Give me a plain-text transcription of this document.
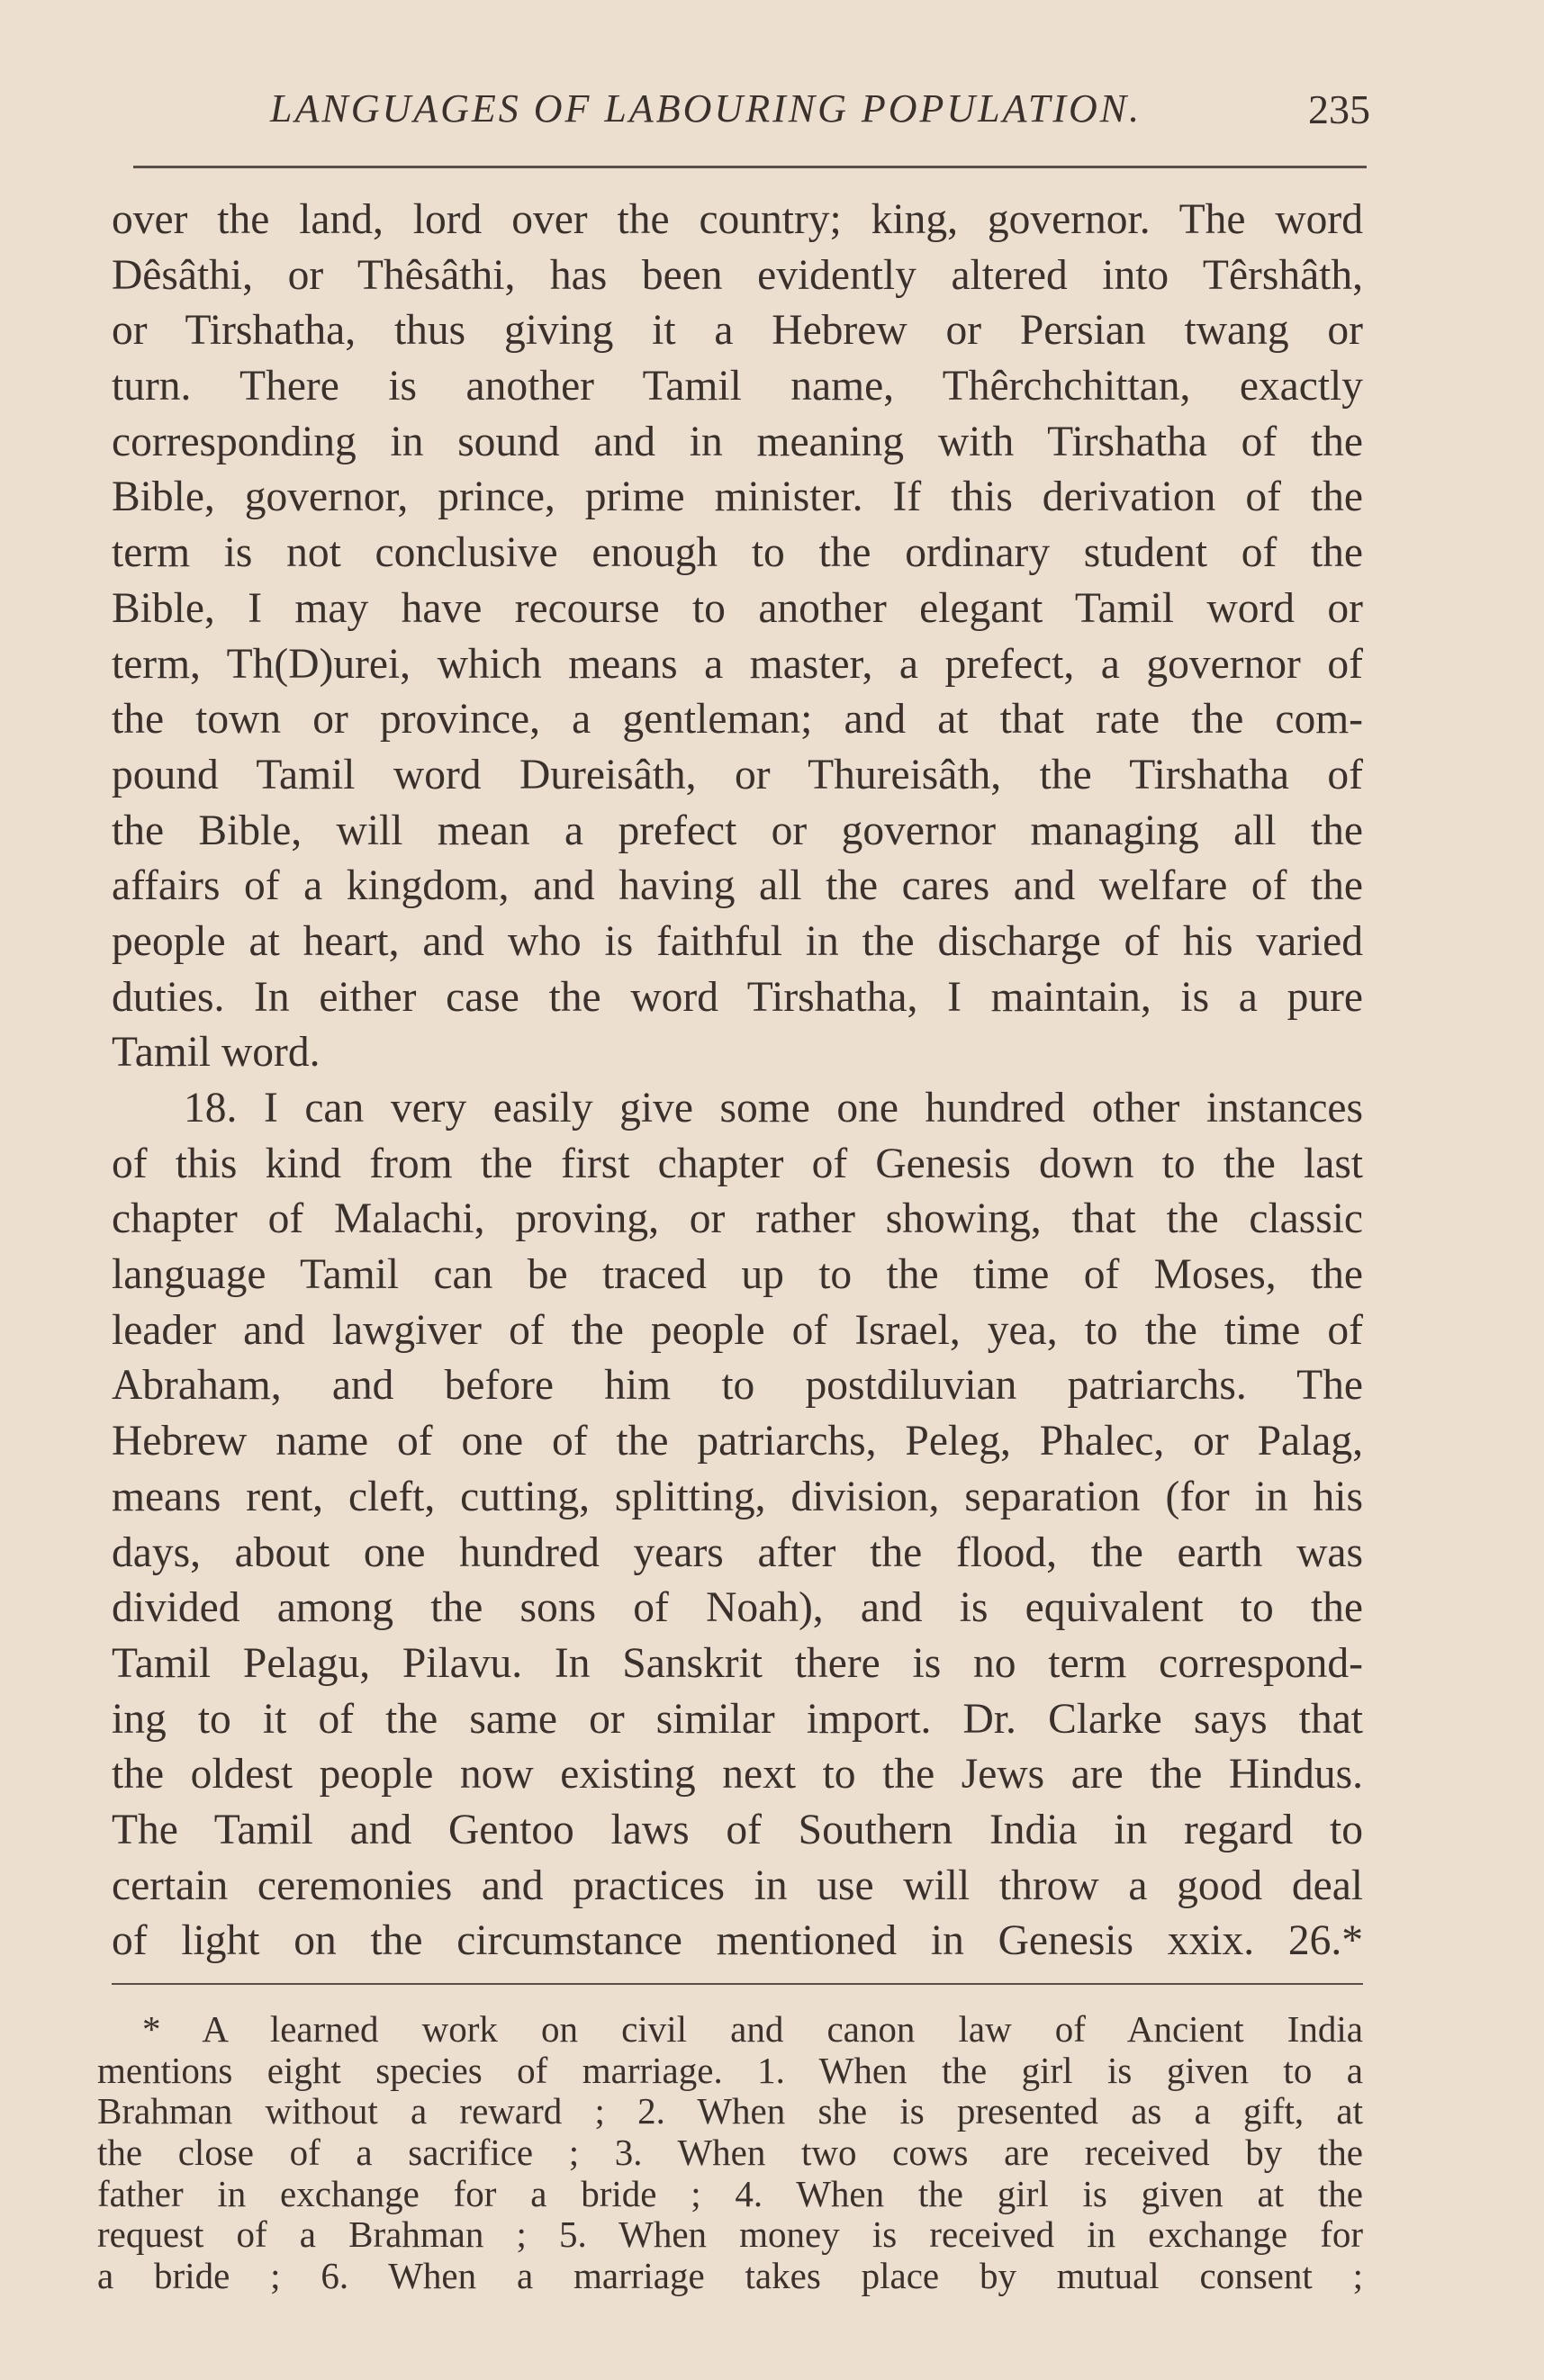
LANGUAGES OF LABOURING POPULATION.	235
over the land, lord over the country; king, governor. The word
Dêsâthi, or Thêsâthi, has been evidently altered into Têrshâth,
or Tirshatha, thus giving it a Hebrew or Persian twang or
turn. There is another Tamil name, Thêrchchittan, exactly
corresponding in sound and in meaning with Tirshatha of the
Bible, governor, prince, prime minister. If this derivation of the
term is not conclusive enough to the ordinary student of the
Bible, I may have recourse to another elegant Tamil word or
term, Th(D)urei, which means a master, a prefect, a governor of
the town or province, a gentleman; and at that rate the com-
pound Tamil word Dureisâth, or Thureisâth, the Tirshatha of
the Bible, will mean a prefect or governor managing all the
affairs of a kingdom, and having all the cares and welfare of the
people at heart, and who is faithful in the discharge of his varied
duties. In either case the word Tirshatha, I maintain, is a pure
Tamil word.
18. I can very easily give some one hundred other instances
of this kind from the first chapter of Genesis down to the last
chapter of Malachi, proving, or rather showing, that the classic
language Tamil can be traced up to the time of Moses, the
leader and lawgiver of the people of Israel, yea, to the time of
Abraham, and before him to postdiluvian patriarchs. The
Hebrew name of one of the patriarchs, Peleg, Phalec, or Palag,
means rent, cleft, cutting, splitting, division, separation (for in his
days, about one hundred years after the flood, the earth was
divided among the sons of Noah), and is equivalent to the
Tamil Pelagu, Pilavu. In Sanskrit there is no term correspond-
ing to it of the same or similar import. Dr. Clarke says that
the oldest people now existing next to the Jews are the Hindus.
The Tamil and Gentoo laws of Southern India in regard to
certain ceremonies and practices in use will throw a good deal
of light on the circumstance mentioned in Genesis xxix. 26.*
* A learned work on civil and canon law of Ancient India
mentions eight species of marriage. 1. When the girl is given to a
Brahman without a reward ; 2. When she is presented as a gift, at
the close of a sacrifice ; 3. When two cows are received by the
father in exchange for a bride ; 4. When the girl is given at the
request of a Brahman ; 5. When money is received in exchange for
a bride ; 6. When a marriage takes place by mutual consent ;
